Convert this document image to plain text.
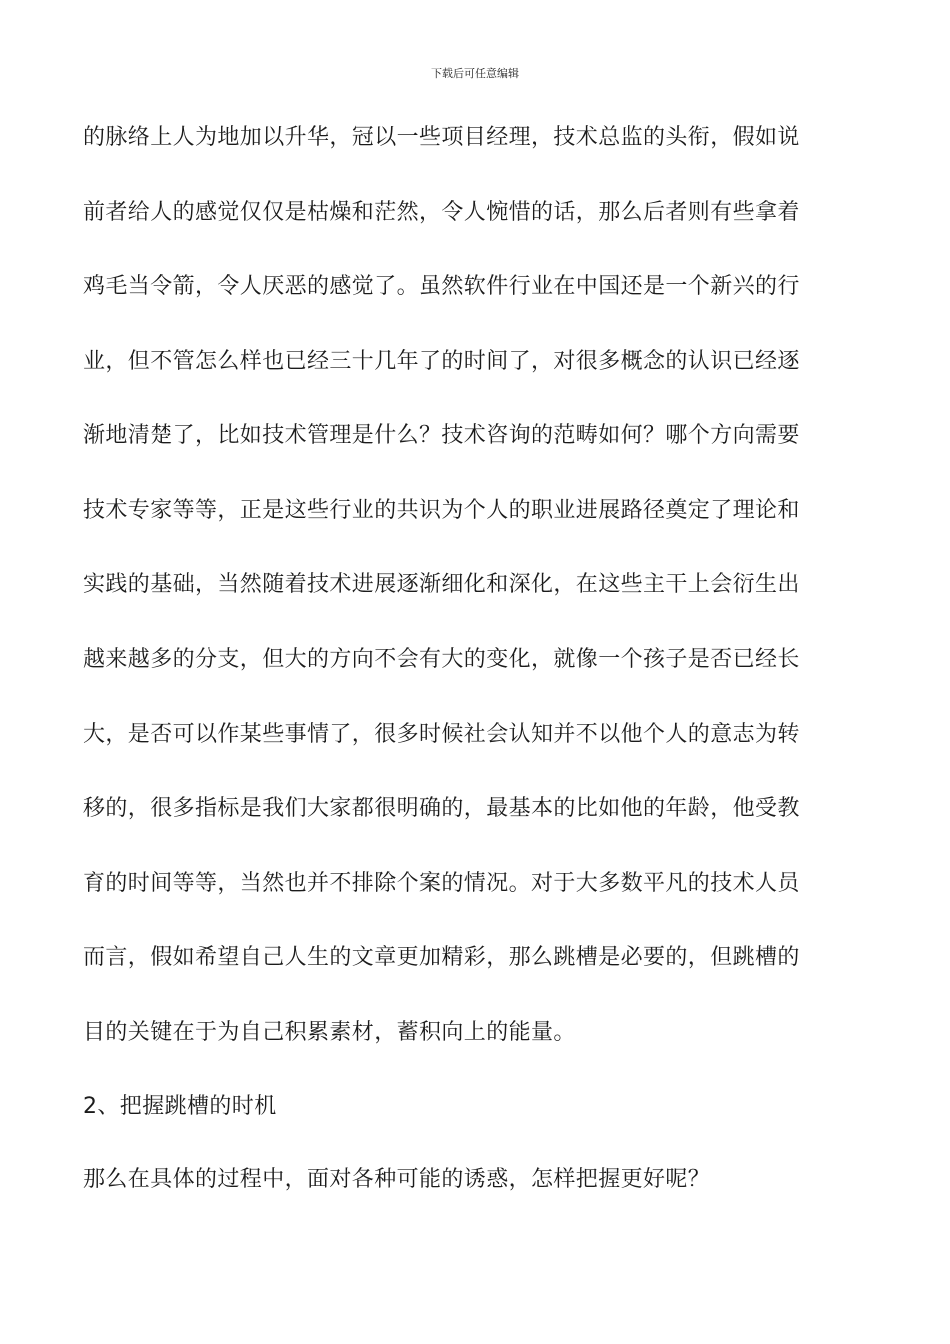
下载后可任意编辑
的脉络上人为地加以升华，冠以一些项目经理，技术总监的头衔，假如说
前者给人的感觉仅仅是枯燥和茫然，令人惋惜的话，那么后者则有些拿着
鸡毛当令箭，令人厌恶的感觉了。虽然软件行业在中国还是一个新兴的行
业，但不管怎么样也已经三十几年了的时间了，对很多概念的认识已经逐
渐地清楚了，比如技术管理是什么？技术咨询的范畴如何？哪个方向需要
技术专家等等，正是这些行业的共识为个人的职业进展路径奠定了理论和
实践的基础，当然随着技术进展逐渐细化和深化，在这些主干上会衍生出
越来越多的分支，但大的方向不会有大的变化，就像一个孩子是否已经长
大，是否可以作某些事情了，很多时候社会认知并不以他个人的意志为转
移的，很多指标是我们大家都很明确的，最基本的比如他的年龄，他受教
育的时间等等，当然也并不排除个案的情况。对于大多数平凡的技术人员
而言，假如希望自己人生的文章更加精彩，那么跳槽是必要的，但跳槽的
目的关键在于为自己积累素材，蓄积向上的能量。
2、把握跳槽的时机
那么在具体的过程中，面对各种可能的诱惑，怎样把握更好呢？
